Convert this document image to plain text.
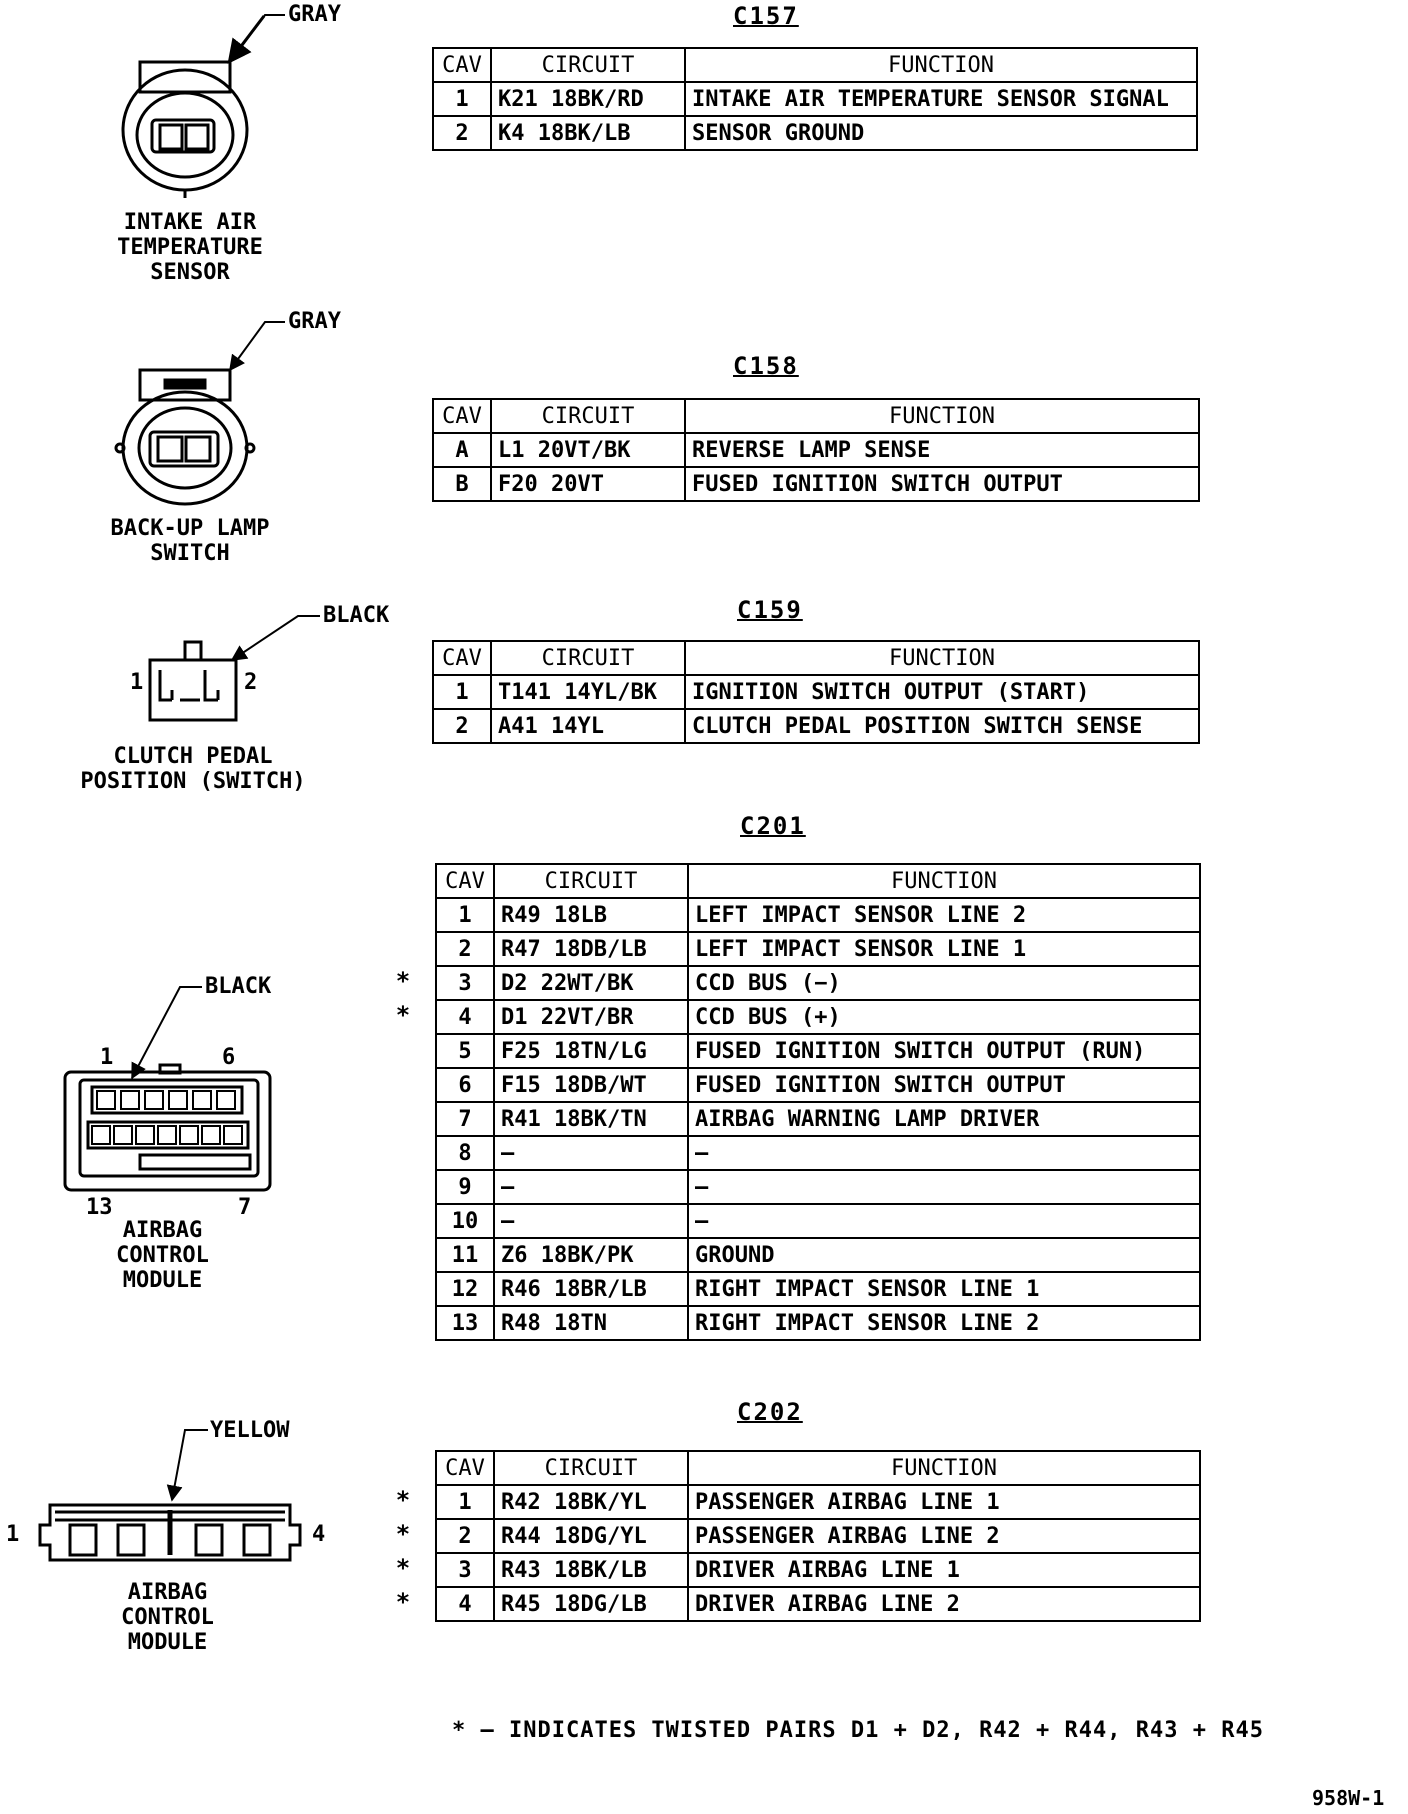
GRAY
INTAKE AIR
TEMPERATURE
SENSOR
GRAY
BACK-UP LAMP
SWITCH
BLACK
1	2
CLUTCH PEDAL
POSITION (SWITCH)
BLACK
1	6
13	7
AIRBAG
CONTROL
MODULE
YELLOW
1	4
AIRBAG
CONTROL
MODULE
C157
CAV	CIRCUIT	FUNCTION
1	K21 18BK/RD	INTAKE AIR TEMPERATURE SENSOR SIGNAL
2	K4 18BK/LB	SENSOR GROUND
C158
CAV	CIRCUIT	FUNCTION
A	L1 20VT/BK	REVERSE LAMP SENSE
B	F20 20VT	FUSED IGNITION SWITCH OUTPUT
C159
CAV	CIRCUIT	FUNCTION
1	T141 14YL/BK	IGNITION SWITCH OUTPUT (START)
2	A41 14YL	CLUTCH PEDAL POSITION SWITCH SENSE
C201
CAV	CIRCUIT	FUNCTION
1	R49 18LB	LEFT IMPACT SENSOR LINE 2
2	R47 18DB/LB	LEFT IMPACT SENSOR LINE 1
3	D2 22WT/BK	CCD BUS (−)
4	D1 22VT/BR	CCD BUS (+)
5	F25 18TN/LG	FUSED IGNITION SWITCH OUTPUT (RUN)
6	F15 18DB/WT	FUSED IGNITION SWITCH OUTPUT
7	R41 18BK/TN	AIRBAG WARNING LAMP DRIVER
8	—	—
9	—	—
10	—	—
11	Z6 18BK/PK	GROUND
12	R46 18BR/LB	RIGHT IMPACT SENSOR LINE 1
13	R48 18TN	RIGHT IMPACT SENSOR LINE 2
C202
CAV	CIRCUIT	FUNCTION
1	R42 18BK/YL	PASSENGER AIRBAG LINE 1
2	R44 18DG/YL	PASSENGER AIRBAG LINE 2
3	R43 18BK/LB	DRIVER AIRBAG LINE 1
4	R45 18DG/LB	DRIVER AIRBAG LINE 2
*
*
*
*
*
*
* — INDICATES TWISTED PAIRS D1 + D2, R42 + R44, R43 + R45
958W-1
